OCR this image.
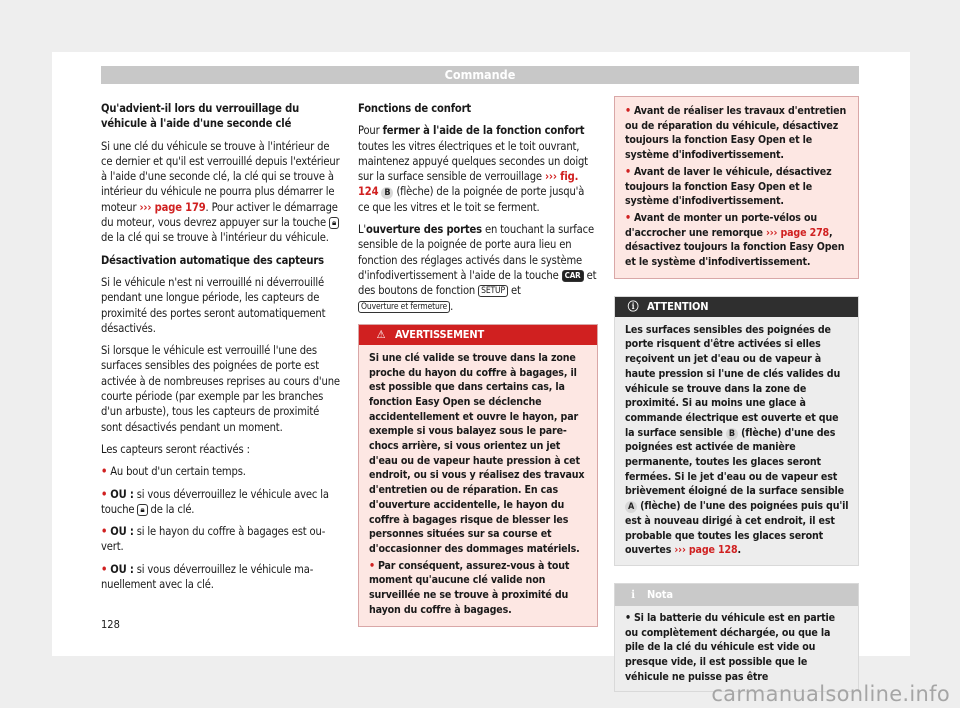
Commande

Qu'advient-il lors du verrouillage du véhicule à l'aide d'une seconde clé

Si une clé du véhicule se trouve à l'intérieur de ce dernier et qu'il est verrouillé depuis l'extérieur à l'aide d'une seconde clé, la clé qui se trouve à intérieur du véhicule ne pourra plus démarrer le moteur ››› page 179. Pour activer le démarrage du moteur, vous devrez appuyer sur la touche 🔒︎ de la clé qui se trouve à l'intérieur du véhicule.

Désactivation automatique des capteurs

Si le véhicule n'est ni verrouillé ni déverrouillé pendant une longue période, les capteurs de proximité des portes seront automatiquement désactivés.

Si lorsque le véhicule est verrouillé l'une des surfaces sensibles des poignées de porte est activée à de nombreuses reprises au cours d'une courte période (par exemple par les branches d'un arbuste), tous les capteurs de proximité sont désactivés pendant un moment.

Les capteurs seront réactivés :

• Au bout d'un certain temps.

• OU : si vous déverrouillez le véhicule avec la touche 🔒︎ de la clé.

• OU : si le hayon du coffre à bagages est ouvert.

• OU : si vous déverrouillez le véhicule manuellement avec la clé.

Fonctions de confort

Pour fermer à l'aide de la fonction confort toutes les vitres électriques et le toit ouvrant, maintenez appuyé quelques secondes un doigt sur la surface sensible de verrouillage ››› fig. 124 B (flèche) de la poignée de porte jusqu'à ce que les vitres et le toit se ferment.

L'ouverture des portes en touchant la surface sensible de la poignée de porte aura lieu en fonction des réglages activés dans le système d'infodivertissement à l'aide de la touche CAR et des boutons de fonction SETUP et Ouverture et fermeture .

⚠ AVERTISSEMENT

Si une clé valide se trouve dans la zone proche du hayon du coffre à bagages, il est possible que dans certains cas, la fonction Easy Open se déclenche accidentellement et ouvre le hayon, par exemple si vous balayez sous le pare-chocs arrière, si vous orientez un jet d'eau ou de vapeur haute pression à cet endroit, ou si vous y réalisez des travaux d'entretien ou de réparation. En cas d'ouverture accidentelle, le hayon du coffre à bagages risque de blesser les personnes situées sur sa course et d'occasionner des dommages matériels.

• Par conséquent, assurez-vous à tout moment qu'aucune clé valide non surveillée ne se trouve à proximité du hayon du coffre à bagages.

• Avant de réaliser les travaux d'entretien ou de réparation du véhicule, désactivez toujours la fonction Easy Open et le système d'infodivertissement.

• Avant de laver le véhicule, désactivez toujours la fonction Easy Open et le système d'infodivertissement.

• Avant de monter un porte-vélos ou d'accrocher une remorque ››› page 278, désactivez toujours la fonction Easy Open et le système d'infodivertissement.

ⓘ ATTENTION
Les surfaces sensibles des poignées de porte risquent d'être activées si elles reçoivent un jet d'eau ou de vapeur à haute pression si l'une de clés valides du véhicule se trouve dans la zone de proximité. Si au moins une glace à commande électrique est ouverte et que la surface sensible B (flèche) d'une des poignées est activée de manière permanente, toutes les glaces seront fermées. Si le jet d'eau ou de vapeur est brièvement éloigné de la surface sensible A (flèche) de l'une des poignées puis qu'il est à nouveau dirigé à cet endroit, il est probable que toutes les glaces seront ouvertes ››› page 128.
ℹ Nota

• Si la batterie du véhicule est en partie ou complètement déchargée, ou que la pile de la clé du véhicule est vide ou presque vide, il est possible que le véhicule ne puisse pas être

128
carmanualsonline.info
